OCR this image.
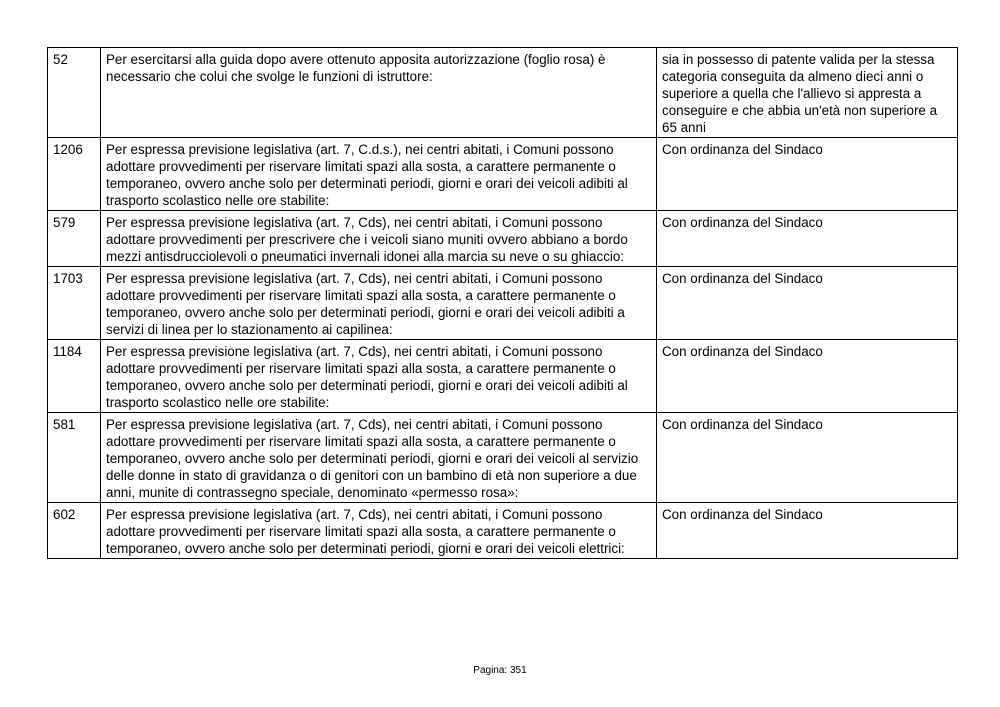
52	Per esercitarsi alla guida dopo avere ottenuto apposita autorizzazione (foglio rosa) è necessario che colui che svolge le funzioni di istruttore:	sia in possesso di patente valida per la stessa categoria conseguita da almeno dieci anni o superiore a quella che l'allievo si appresta a conseguire e che abbia un'età non superiore a 65 anni
1206	Per espressa previsione legislativa (art. 7, C.d.s.), nei centri abitati, i Comuni possono adottare provvedimenti per riservare limitati spazi alla sosta, a carattere permanente o temporaneo, ovvero anche solo per determinati periodi, giorni e orari dei veicoli adibiti al trasporto scolastico nelle ore stabilite:	Con ordinanza del Sindaco
579	Per espressa previsione legislativa (art. 7, Cds), nei centri abitati, i Comuni possono adottare provvedimenti per prescrivere che i veicoli siano muniti ovvero abbiano a bordo mezzi antisdrucciolevoli o pneumatici invernali idonei alla marcia su neve o su ghiaccio:	Con ordinanza del Sindaco
1703	Per espressa previsione legislativa (art. 7, Cds), nei centri abitati, i Comuni possono adottare provvedimenti per riservare limitati spazi alla sosta, a carattere permanente o temporaneo, ovvero anche solo per determinati periodi, giorni e orari dei veicoli adibiti a servizi di linea per lo stazionamento ai capilinea:	Con ordinanza del Sindaco
1184	Per espressa previsione legislativa (art. 7, Cds), nei centri abitati, i Comuni possono adottare provvedimenti per riservare limitati spazi alla sosta, a carattere permanente o temporaneo, ovvero anche solo per determinati periodi, giorni e orari dei veicoli adibiti al trasporto scolastico nelle ore stabilite:	Con ordinanza del Sindaco
581	Per espressa previsione legislativa (art. 7, Cds), nei centri abitati, i Comuni possono adottare provvedimenti per riservare limitati spazi alla sosta, a carattere permanente o temporaneo, ovvero anche solo per determinati periodi, giorni e orari dei veicoli al servizio delle donne in stato di gravidanza o di genitori con un bambino di età non superiore a due anni, munite di contrassegno speciale, denominato «permesso rosa»:	Con ordinanza del Sindaco
602	Per espressa previsione legislativa (art. 7, Cds), nei centri abitati, i Comuni possono adottare provvedimenti per riservare limitati spazi alla sosta, a carattere permanente o temporaneo, ovvero anche solo per determinati periodi, giorni e orari dei veicoli elettrici:	Con ordinanza del Sindaco
Pagina: 351
